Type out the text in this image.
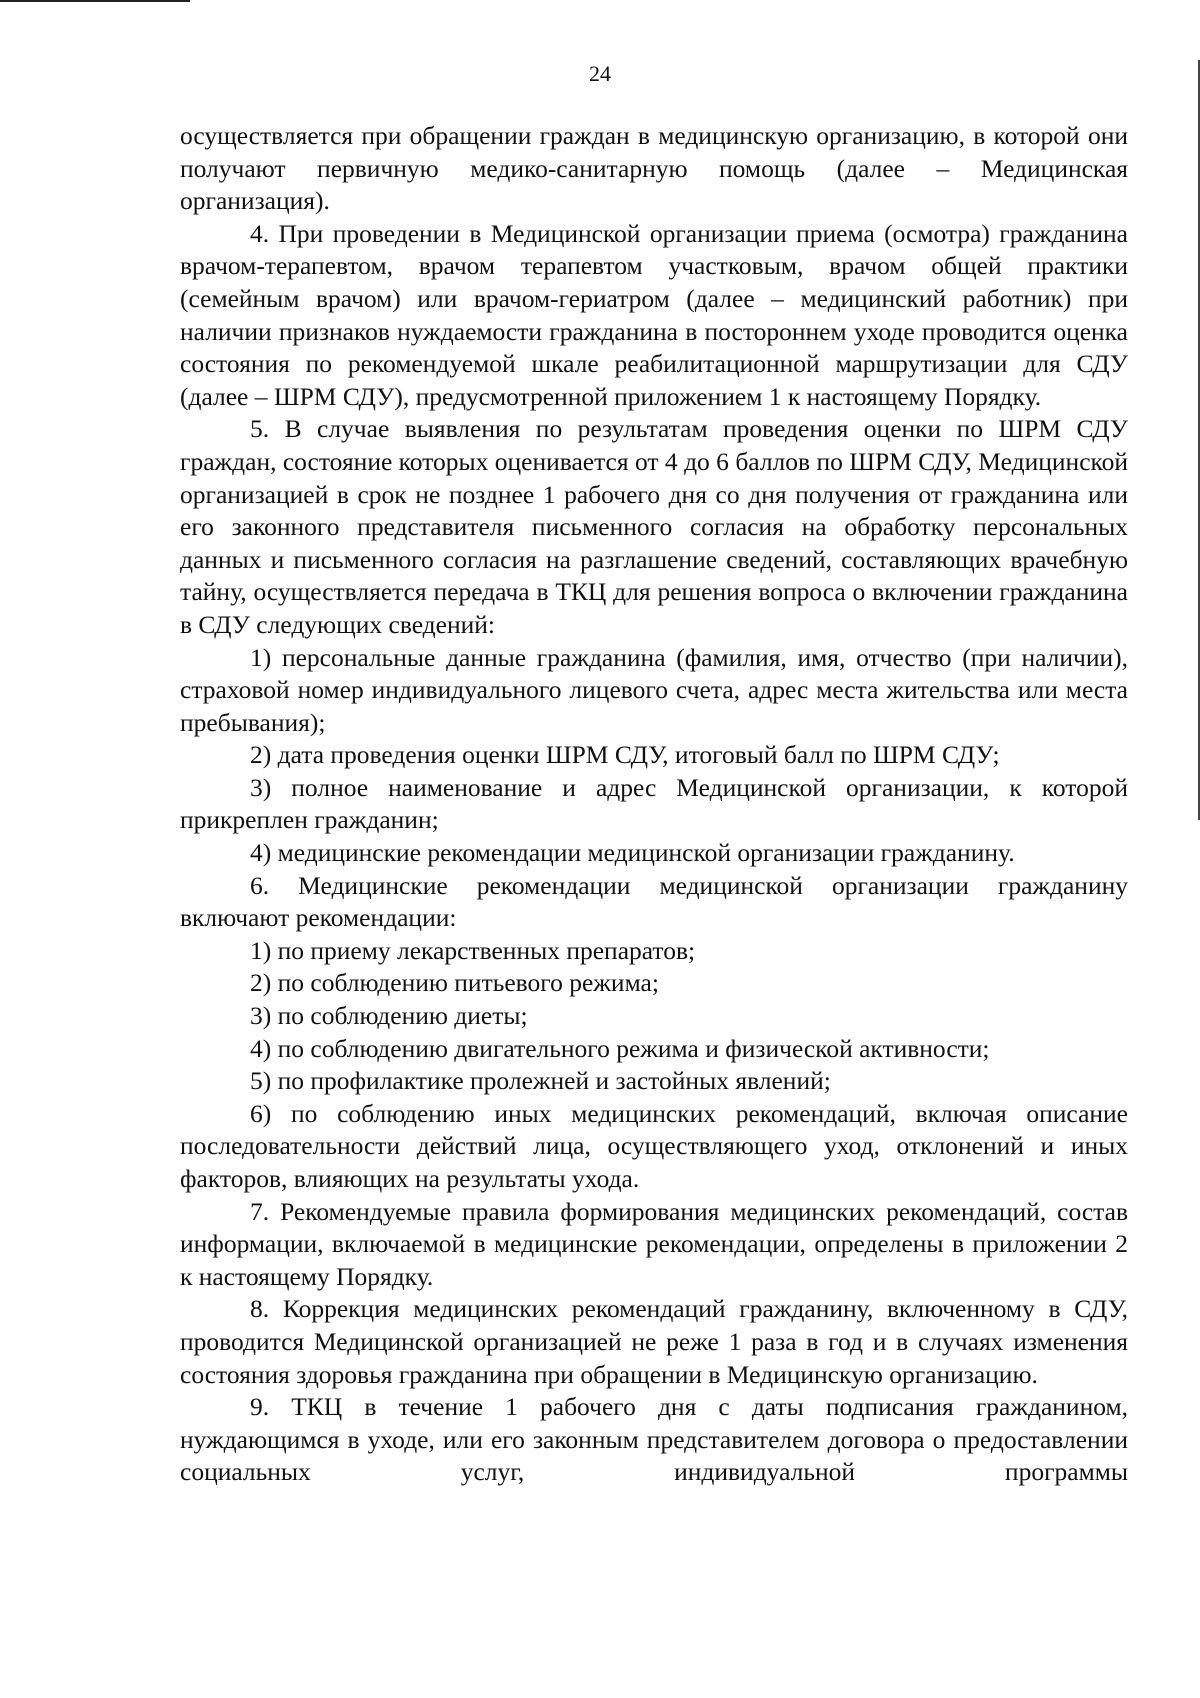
24

осуществляется при обращении граждан в медицинскую организацию, в которой они получают первичную медико-санитарную помощь (далее – Медицинская организация).

4. При проведении в Медицинской организации приема (осмотра) гражданина врачом-терапевтом, врачом терапевтом участковым, врачом общей практики (семейным врачом) или врачом-гериатром (далее – медицинский работник) при наличии признаков нуждаемости гражданина в постороннем уходе проводится оценка состояния по рекомендуемой шкале реабилитационной маршрутизации для СДУ (далее – ШРМ СДУ), предусмотренной приложением 1 к настоящему Порядку.

5. В случае выявления по результатам проведения оценки по ШРМ СДУ граждан, состояние которых оценивается от 4 до 6 баллов по ШРМ СДУ, Медицинской организацией в срок не позднее 1 рабочего дня со дня получения от гражданина или его законного представителя письменного согласия на обработку персональных данных и письменного согласия на разглашение сведений, составляющих врачебную тайну, осуществляется передача в ТКЦ для решения вопроса о включении гражданина в СДУ следующих сведений:

1) персональные данные гражданина (фамилия, имя, отчество (при наличии), страховой номер индивидуального лицевого счета, адрес места жительства или места пребывания);

2) дата проведения оценки ШРМ СДУ, итоговый балл по ШРМ СДУ;

3) полное наименование и адрес Медицинской организации, к которой прикреплен гражданин;

4) медицинские рекомендации медицинской организации гражданину.

6. Медицинские рекомендации медицинской организации гражданину включают рекомендации:

1) по приему лекарственных препаратов;

2) по соблюдению питьевого режима;

3) по соблюдению диеты;

4) по соблюдению двигательного режима и физической активности;

5) по профилактике пролежней и застойных явлений;

6) по соблюдению иных медицинских рекомендаций, включая описание последовательности действий лица, осуществляющего уход, отклонений и иных факторов, влияющих на результаты ухода.

7. Рекомендуемые правила формирования медицинских рекомендаций, состав информации, включаемой в медицинские рекомендации, определены в приложении 2 к настоящему Порядку.

8. Коррекция медицинских рекомендаций гражданину, включенному в СДУ, проводится Медицинской организацией не реже 1 раза в год и в случаях изменения состояния здоровья гражданина при обращении в Медицинскую организацию.

9. ТКЦ в течение 1 рабочего дня с даты подписания гражданином, нуждающимся в уходе, или его законным представителем договора о предоставлении социальных услуг, индивидуальной программы
